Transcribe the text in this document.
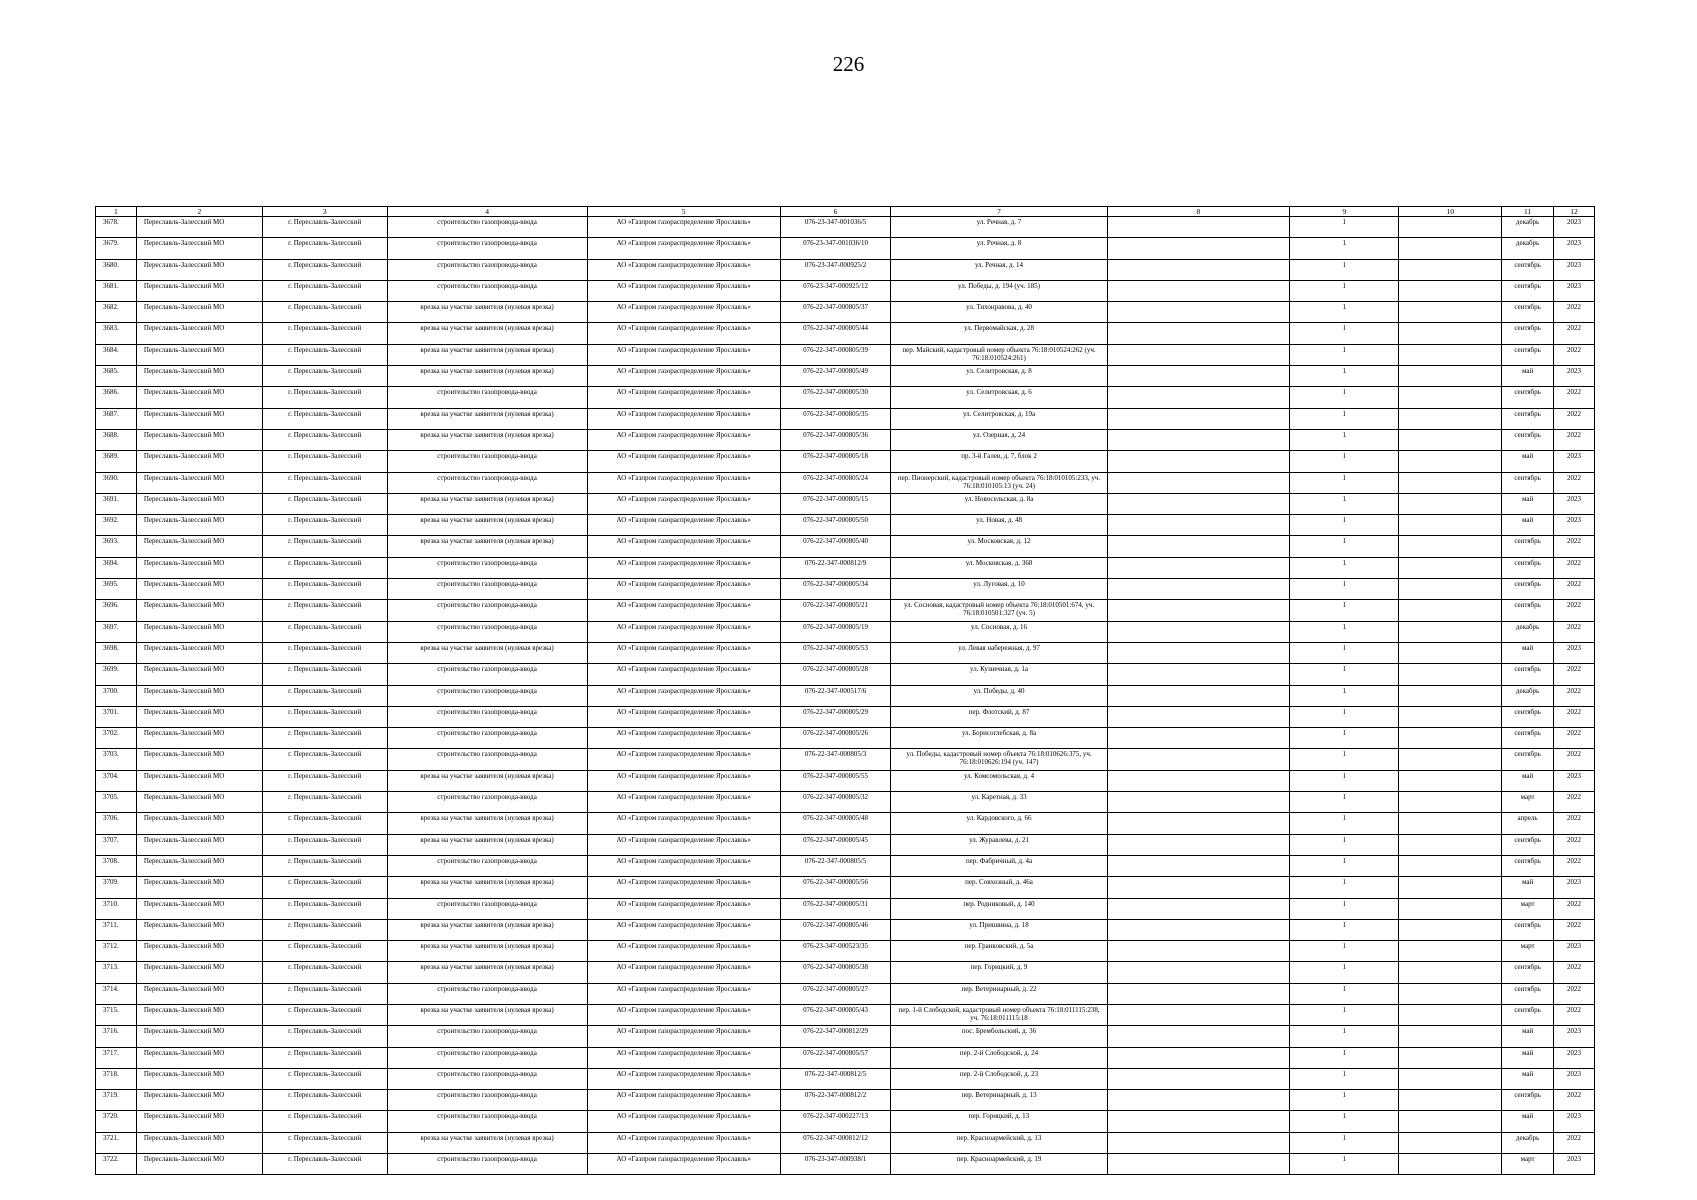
226
1	2	3	4	5	6	7	8	9	10	11	12
3678.	Переславль-Залесский МО	г. Переславль-Залесский	строительство газопровода-ввода	АО «Газпром газораспределение Ярославль»	076-23-347-001036/5	ул. Речная, д. 7		1		декабрь	2023
3679.	Переславль-Залесский МО	г. Переславль-Залесский	строительство газопровода-ввода	АО «Газпром газораспределение Ярославль»	076-23-347-001036/10	ул. Речная, д. 8		1		декабрь	2023
3680.	Переславль-Залесский МО	г. Переславль-Залесский	строительство газопровода-ввода	АО «Газпром газораспределение Ярославль»	076-23-347-000925/2	ул. Речная, д. 14		1		сентябрь	2023
3681.	Переславль-Залесский МО	г. Переславль-Залесский	строительство газопровода-ввода	АО «Газпром газораспределение Ярославль»	076-23-347-000925/12	ул. Победы, д. 194 (уч. 185)		1		сентябрь	2023
3682.	Переславль-Залесский МО	г. Переславль-Залесский	врезка на участке заявителя (нулевая врезка)	АО «Газпром газораспределение Ярославль»	076-22-347-000805/37	ул. Тихонравова, д. 40		1		сентябрь	2022
3683.	Переславль-Залесский МО	г. Переславль-Залесский	врезка на участке заявителя (нулевая врезка)	АО «Газпром газораспределение Ярославль»	076-22-347-000805/44	ул. Первомайская, д. 28		1		сентябрь	2022
3684.	Переславль-Залесский МО	г. Переславль-Залесский	врезка на участке заявителя (нулевая врезка)	АО «Газпром газораспределение Ярославль»	076-22-347-000805/39	пер. Майский, кадастровый номер объекта 76:18:010524:262 (уч. 76:18:010524:261)		1		сентябрь	2022
3685.	Переславль-Залесский МО	г. Переславль-Залесский	врезка на участке заявителя (нулевая врезка)	АО «Газпром газораспределение Ярославль»	076-22-347-000805/49	ул. Селитровская, д. 8		1		май	2023
3686.	Переславль-Залесский МО	г. Переславль-Залесский	строительство газопровода-ввода	АО «Газпром газораспределение Ярославль»	076-22-347-000805/30	ул. Селитровская, д. 6		1		сентябрь	2022
3687.	Переславль-Залесский МО	г. Переславль-Залесский	врезка на участке заявителя (нулевая врезка)	АО «Газпром газораспределение Ярославль»	076-22-347-000805/35	ул. Селитровская, д. 19а		1		сентябрь	2022
3688.	Переславль-Залесский МО	г. Переславль-Залесский	врезка на участке заявителя (нулевая врезка)	АО «Газпром газораспределение Ярославль»	076-22-347-000805/36	ул. Озерная, д. 24		1		сентябрь	2022
3689.	Переславль-Залесский МО	г. Переславль-Залесский	строительство газопровода-ввода	АО «Газпром газораспределение Ярославль»	076-22-347-000805/18	пр. 3-й Галев, д. 7, блок 2		1		май	2023
3690.	Переславль-Залесский МО	г. Переславль-Залесский	строительство газопровода-ввода	АО «Газпром газораспределение Ярославль»	076-22-347-000805/24	пер. Пионерский, кадастровый номер объекта 76:18:010105:233, уч. 76:18:010105:13 (уч. 24)		1		сентябрь	2022
3691.	Переславль-Залесский МО	г. Переславль-Залесский	врезка на участке заявителя (нулевая врезка)	АО «Газпром газораспределение Ярославль»	076-22-347-000805/15	ул. Новосельская, д. 8а		1		май	2023
3692.	Переславль-Залесский МО	г. Переславль-Залесский	врезка на участке заявителя (нулевая врезка)	АО «Газпром газораспределение Ярославль»	076-22-347-000805/50	ул. Новая, д. 48		1		май	2023
3693.	Переславль-Залесский МО	г. Переславль-Залесский	врезка на участке заявителя (нулевая врезка)	АО «Газпром газораспределение Ярославль»	076-22-347-000805/40	ул. Московская, д. 12		1		сентябрь	2022
3694.	Переславль-Залесский МО	г. Переславль-Залесский	строительство газопровода-ввода	АО «Газпром газораспределение Ярославль»	076-22-347-000812/9	ул. Московская, д. 368		1		сентябрь	2022
3695.	Переславль-Залесский МО	г. Переславль-Залесский	строительство газопровода-ввода	АО «Газпром газораспределение Ярославль»	076-22-347-000805/34	ул. Луговая, д. 10		1		сентябрь	2022
3696.	Переславль-Залесский МО	г. Переславль-Залесский	строительство газопровода-ввода	АО «Газпром газораспределение Ярославль»	076-22-347-000805/21	ул. Сосновая, кадастровый номер объекта 76:18:010501:674, уч. 76:18:010501:327 (уч. 5)		1		сентябрь	2022
3697.	Переславль-Залесский МО	г. Переславль-Залесский	строительство газопровода-ввода	АО «Газпром газораспределение Ярославль»	076-22-347-000805/19	ул. Сосновая, д. 16		1		декабрь	2022
3698.	Переславль-Залесский МО	г. Переславль-Залесский	врезка на участке заявителя (нулевая врезка)	АО «Газпром газораспределение Ярославль»	076-22-347-000805/53	ул. Левая набережная, д. 97		1		май	2023
3699.	Переславль-Залесский МО	г. Переславль-Залесский	строительство газопровода-ввода	АО «Газпром газораспределение Ярославль»	076-22-347-000805/28	ул. Кузнечная, д. 1а		1		сентябрь	2022
3700.	Переславль-Залесский МО	г. Переславль-Залесский	строительство газопровода-ввода	АО «Газпром газораспределение Ярославль»	076-22-347-000517/6	ул. Победы, д. 40		1		декабрь	2022
3701.	Переславль-Залесский МО	г. Переславль-Залесский	строительство газопровода-ввода	АО «Газпром газораспределение Ярославль»	076-22-347-000805/29	пер. Флотский, д. 87		1		сентябрь	2022
3702.	Переславль-Залесский МО	г. Переславль-Залесский	строительство газопровода-ввода	АО «Газпром газораспределение Ярославль»	076-22-347-000805/26	ул. Борисоглебская, д. 8а		1		сентябрь	2022
3703.	Переславль-Залесский МО	г. Переславль-Залесский	строительство газопровода-ввода	АО «Газпром газораспределение Ярославль»	076-22-347-000805/3	ул. Победы, кадастровый номер объекта 76:18:010626:375, уч. 76:18:010626:194 (уч. 147)		1		сентябрь	2022
3704.	Переславль-Залесский МО	г. Переславль-Залесский	врезка на участке заявителя (нулевая врезка)	АО «Газпром газораспределение Ярославль»	076-22-347-000805/55	ул. Комсомольская, д. 4		1		май	2023
3705.	Переславль-Залесский МО	г. Переславль-Залесский	строительство газопровода-ввода	АО «Газпром газораспределение Ярославль»	076-22-347-000805/32	ул. Каретная, д. 33		1		март	2022
3706.	Переславль-Залесский МО	г. Переславль-Залесский	врезка на участке заявителя (нулевая врезка)	АО «Газпром газораспределение Ярославль»	076-22-347-000805/48	ул. Кардовского, д. 66		1		апрель	2022
3707.	Переславль-Залесский МО	г. Переславль-Залесский	врезка на участке заявителя (нулевая врезка)	АО «Газпром газораспределение Ярославль»	076-22-347-000805/45	ул. Журавлева, д. 21		1		сентябрь	2022
3708.	Переславль-Залесский МО	г. Переславль-Залесский	строительство газопровода-ввода	АО «Газпром газораспределение Ярославль»	076-22-347-000805/5	пер. Фабричный, д. 4а		1		сентябрь	2022
3709.	Переславль-Залесский МО	г. Переславль-Залесский	врезка на участке заявителя (нулевая врезка)	АО «Газпром газораспределение Ярославль»	076-22-347-000805/56	пер. Совхозный, д. 46а		1		май	2023
3710.	Переславль-Залесский МО	г. Переславль-Залесский	строительство газопровода-ввода	АО «Газпром газораспределение Ярославль»	076-22-347-000805/31	пер. Родниковый, д. 140		1		март	2022
3711.	Переславль-Залесский МО	г. Переславль-Залесский	врезка на участке заявителя (нулевая врезка)	АО «Газпром газораспределение Ярославль»	076-22-347-000805/46	ул. Пришвина, д. 18		1		сентябрь	2022
3712.	Переславль-Залесский МО	г. Переславль-Залесский	врезка на участке заявителя (нулевая врезка)	АО «Газпром газораспределение Ярославль»	076-23-347-000523/35	пер. Гранковский, д. 5а		1		март	2023
3713.	Переславль-Залесский МО	г. Переславль-Залесский	врезка на участке заявителя (нулевая врезка)	АО «Газпром газораспределение Ярославль»	076-22-347-000805/38	пер. Горицкий, д. 9		1		сентябрь	2022
3714.	Переславль-Залесский МО	г. Переславль-Залесский	строительство газопровода-ввода	АО «Газпром газораспределение Ярославль»	076-22-347-000805/27	пер. Ветеринарный, д. 22		1		сентябрь	2022
3715.	Переславль-Залесский МО	г. Переславль-Залесский	врезка на участке заявителя (нулевая врезка)	АО «Газпром газораспределение Ярославль»	076-22-347-000805/43	пер. 1-й Слободской, кадастровый номер объекта 76:18:011115:238, уч. 76:18:011115:18		1		сентябрь	2022
3716.	Переславль-Залесский МО	г. Переславль-Залесский	строительство газопровода-ввода	АО «Газпром газораспределение Ярославль»	076-22-347-000812/29	пос. Брембольский, д. 36		1		май	2023
3717.	Переславль-Залесский МО	г. Переславль-Залесский	строительство газопровода-ввода	АО «Газпром газораспределение Ярославль»	076-22-347-000805/57	пер. 2-й Слободской, д. 24		1		май	2023
3718.	Переславль-Залесский МО	г. Переславль-Залесский	строительство газопровода-ввода	АО «Газпром газораспределение Ярославль»	076-22-347-000812/5	пер. 2-й Слободской, д. 23		1		май	2023
3719.	Переславль-Залесский МО	г. Переславль-Залесский	строительство газопровода-ввода	АО «Газпром газораспределение Ярославль»	076-22-347-000812/2	пер. Ветеринарный, д. 13		1		сентябрь	2022
3720.	Переславль-Залесский МО	г. Переславль-Залесский	строительство газопровода-ввода	АО «Газпром газораспределение Ярославль»	076-22-347-000227/13	пер. Горицкий, д. 13		1		май	2023
3721.	Переславль-Залесский МО	г. Переславль-Залесский	врезка на участке заявителя (нулевая врезка)	АО «Газпром газораспределение Ярославль»	076-22-347-000812/12	пер. Красноармейский, д. 13		1		декабрь	2022
3722.	Переславль-Залесский МО	г. Переславль-Залесский	строительство газопровода-ввода	АО «Газпром газораспределение Ярославль»	076-23-347-000938/1	пер. Красноармейский, д. 19		1		март	2023
